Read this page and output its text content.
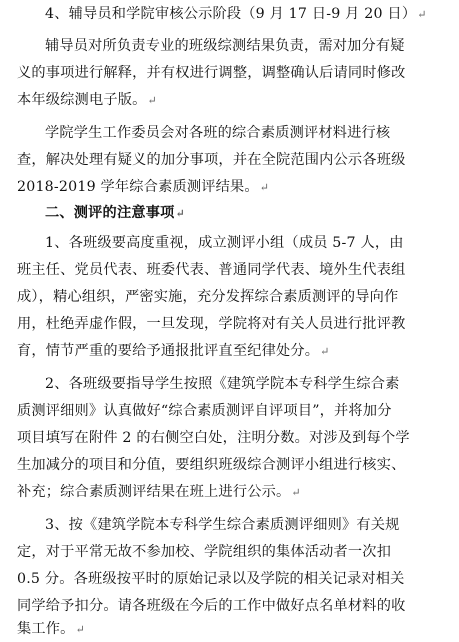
4、辅导员和学院审核公示阶段（9 月 17 日-9 月 20 日）↵
辅导员对所负责专业的班级综测结果负责，需对加分有疑
义的事项进行解释，并有权进行调整，调整确认后请同时修改
本年级综测电子版。↵
学院学生工作委员会对各班的综合素质测评材料进行核
查，解决处理有疑义的加分事项，并在全院范围内公示各班级
2018-2019 学年综合素质测评结果。↵
二、测评的注意事项↵
1、各班级要高度重视，成立测评小组（成员 5-7 人，由
班主任、党员代表、班委代表、普通同学代表、境外生代表组
成），精心组织，严密实施，充分发挥综合素质测评的导向作
用，杜绝弄虚作假，一旦发现，学院将对有关人员进行批评教
育，情节严重的要给予通报批评直至纪律处分。↵
2、各班级要指导学生按照《建筑学院本专科学生综合素
质测评细则》认真做好“综合素质测评自评项目”，并将加分
项目填写在附件 2 的右侧空白处，注明分数。对涉及到每个学
生加减分的项目和分值，要组织班级综合测评小组进行核实、
补充；综合素质测评结果在班上进行公示。↵
3、按《建筑学院本专科学生综合素质测评细则》有关规
定，对于平常无故不参加校、学院组织的集体活动者一次扣
0.5 分。各班级按平时的原始记录以及学院的相关记录对相关
同学给予扣分。请各班级在今后的工作中做好点名单材料的收
集工作。↵
